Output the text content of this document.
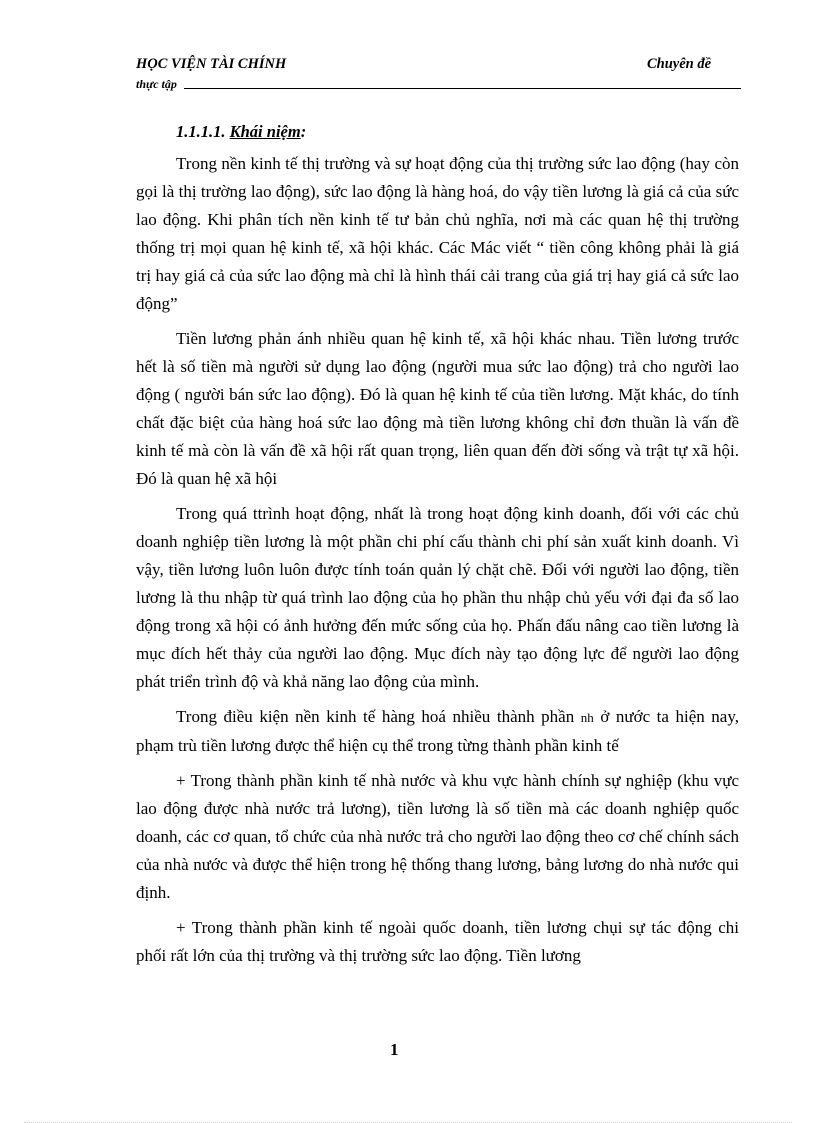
HỌC VIỆN TÀI CHÍNH	Chuyên đề
thực tập

1.1.1.1. Khái niệm:

Trong nền kinh tế thị trường và sự hoạt động của thị trường sức lao động (hay còn gọi là thị trường lao động), sức lao động là hàng hoá, do vậy tiền lương là giá cả của sức lao động. Khi phân tích nền kinh tế tư bản chủ nghĩa, nơi mà các quan hệ thị trường thống trị mọi quan hệ kinh tế, xã hội khác. Các Mác viết “ tiền công không phải là giá trị hay giá cả của sức lao động mà chỉ là hình thái cải trang của giá trị hay giá cả sức lao động”

Tiền lương phản ánh nhiều quan hệ kinh tế, xã hội khác nhau. Tiền lương trước hết là số tiền mà người sử dụng lao động (người mua sức lao động) trả cho người lao động ( người bán sức lao động). Đó là quan hệ kinh tế của tiền lương. Mặt khác, do tính chất đặc biệt của hàng hoá sức lao động mà tiền lương không chỉ đơn thuần là vấn đề kinh tế mà còn là vấn đề xã hội rất quan trọng, liên quan đến đời sống và trật tự xã hội. Đó là quan hệ xã hội

Trong quá ttrình hoạt động, nhất là trong hoạt động kinh doanh, đối với các chủ doanh nghiệp tiền lương là một phần chi phí cấu thành chi phí sản xuất kinh doanh. Vì vậy, tiền lương luôn luôn được tính toán quản lý chặt chẽ. Đối với người lao động, tiền lương là thu nhập từ quá trình lao động của họ phần thu nhập chủ yếu với đại đa số lao động trong xã hội có ảnh hưởng đến mức sống của họ. Phấn đấu nâng cao tiền lương là mục đích hết thảy của người lao động. Mục đích này tạo động lực để người lao động phát triển trình độ và khả năng lao động của mình.

Trong điều kiện nền kinh tế hàng hoá nhiều thành phần nh ở nước ta hiện nay, phạm trù tiền lương được thể hiện cụ thể trong từng thành phần kinh tế

+ Trong thành phần kinh tế nhà nước và khu vực hành chính sự nghiệp (khu vực lao động được nhà nước trả lương), tiền lương là số tiền mà các doanh nghiệp quốc doanh, các cơ quan, tổ chức của nhà nước trả cho người lao động theo cơ chế chính sách của nhà nước và được thể hiện trong hệ thống thang lương, bảng lương do nhà nước qui định.

+ Trong thành phần kinh tế ngoài quốc doanh, tiền lương chụi sự tác động chi phối rất lớn của thị trường và thị trường sức lao động. Tiền lương

1
